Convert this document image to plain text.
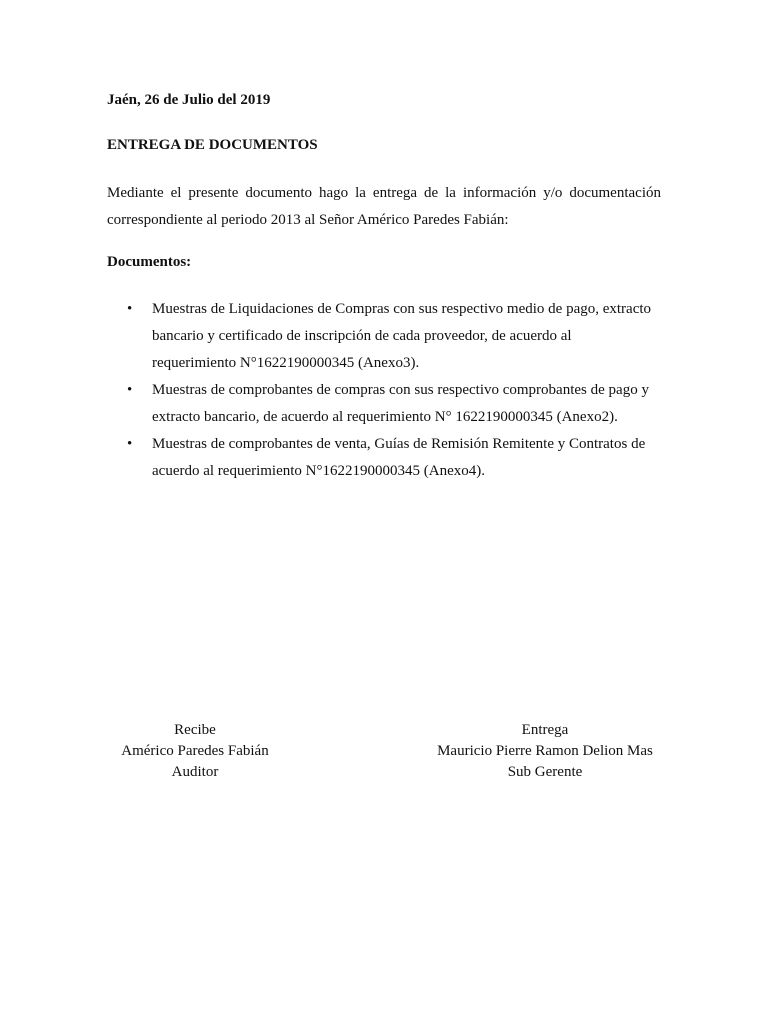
Jaén, 26 de Julio del 2019
ENTREGA DE DOCUMENTOS
Mediante el presente documento hago la entrega de la información y/o documentación
correspondiente al periodo 2013 al Señor Américo Paredes Fabián:
Documentos:
• Muestras de Liquidaciones de Compras con sus respectivo medio de pago, extracto
bancario y certificado de inscripción de cada proveedor, de acuerdo al
requerimiento N°1622190000345 (Anexo3).
• Muestras de comprobantes de compras con sus respectivo comprobantes de pago y
extracto bancario, de acuerdo al requerimiento N° 1622190000345 (Anexo2).
• Muestras de comprobantes de venta, Guías de Remisión Remitente y Contratos de
acuerdo al requerimiento N°1622190000345 (Anexo4).
Recibe
Américo Paredes Fabián
Auditor
Entrega
Mauricio Pierre Ramon Delion Mas
Sub Gerente
